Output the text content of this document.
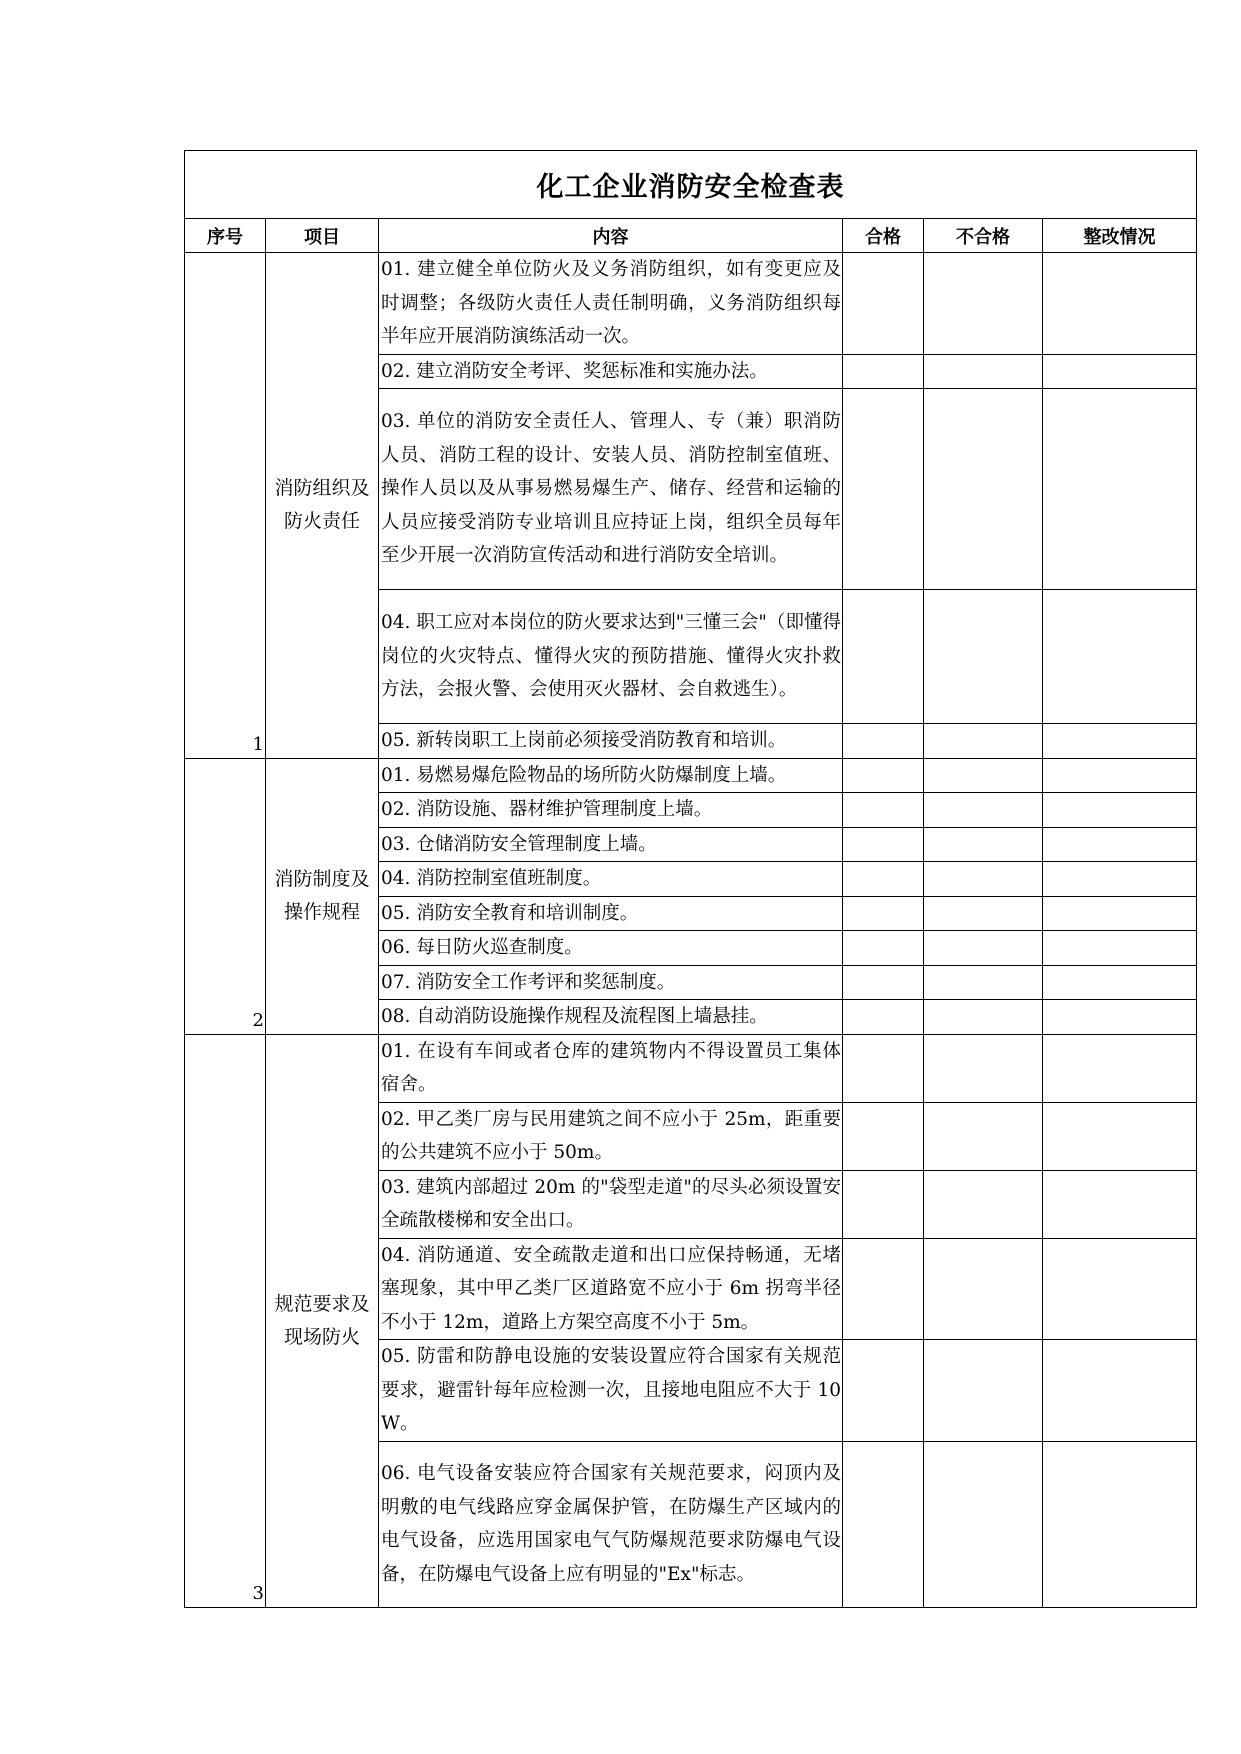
化工企业消防安全检查表					
序号	项目	内容	合格	不合格	整改情况
1	消防组织及防火责任	01. 建立健全单位防火及义务消防组织，如有变更应及时调整；各级防火责任人责任制明确，义务消防组织每半年应开展消防演练活动一次。			
		02. 建立消防安全考评、奖惩标准和实施办法。			
		03. 单位的消防安全责任人、管理人、专（兼）职消防人员、消防工程的设计、安装人员、消防控制室值班、操作人员以及从事易燃易爆生产、储存、经营和运输的人员应接受消防专业培训且应持证上岗，组织全员每年至少开展一次消防宣传活动和进行消防安全培训。			
		04. 职工应对本岗位的防火要求达到"三懂三会"（即懂得岗位的火灾特点、懂得火灾的预防措施、懂得火灾扑救方法，会报火警、会使用灭火器材、会自救逃生）。			
		05. 新转岗职工上岗前必须接受消防教育和培训。			
2	消防制度及操作规程	01. 易燃易爆危险物品的场所防火防爆制度上墙。			
		02. 消防设施、器材维护管理制度上墙。			
		03. 仓储消防安全管理制度上墙。			
		04. 消防控制室值班制度。			
		05. 消防安全教育和培训制度。			
		06. 每日防火巡查制度。			
		07. 消防安全工作考评和奖惩制度。			
		08. 自动消防设施操作规程及流程图上墙悬挂。			
3	规范要求及现场防火	01. 在设有车间或者仓库的建筑物内不得设置员工集体宿舍。			
		02. 甲乙类厂房与民用建筑之间不应小于 25m，距重要的公共建筑不应小于 50m。			
		03. 建筑内部超过 20m 的"袋型走道"的尽头必须设置安全疏散楼梯和安全出口。			
		04. 消防通道、安全疏散走道和出口应保持畅通，无堵塞现象，其中甲乙类厂区道路宽不应小于 6m 拐弯半径不小于 12m，道路上方架空高度不小于 5m。			
		05. 防雷和防静电设施的安装设置应符合国家有关规范要求，避雷针每年应检测一次，且接地电阻应不大于 10W。			
		06. 电气设备安装应符合国家有关规范要求，闷顶内及明敷的电气线路应穿金属保护管，在防爆生产区域内的电气设备，应选用国家电气气防爆规范要求防爆电气设备，在防爆电气设备上应有明显的"Ex"标志。			
